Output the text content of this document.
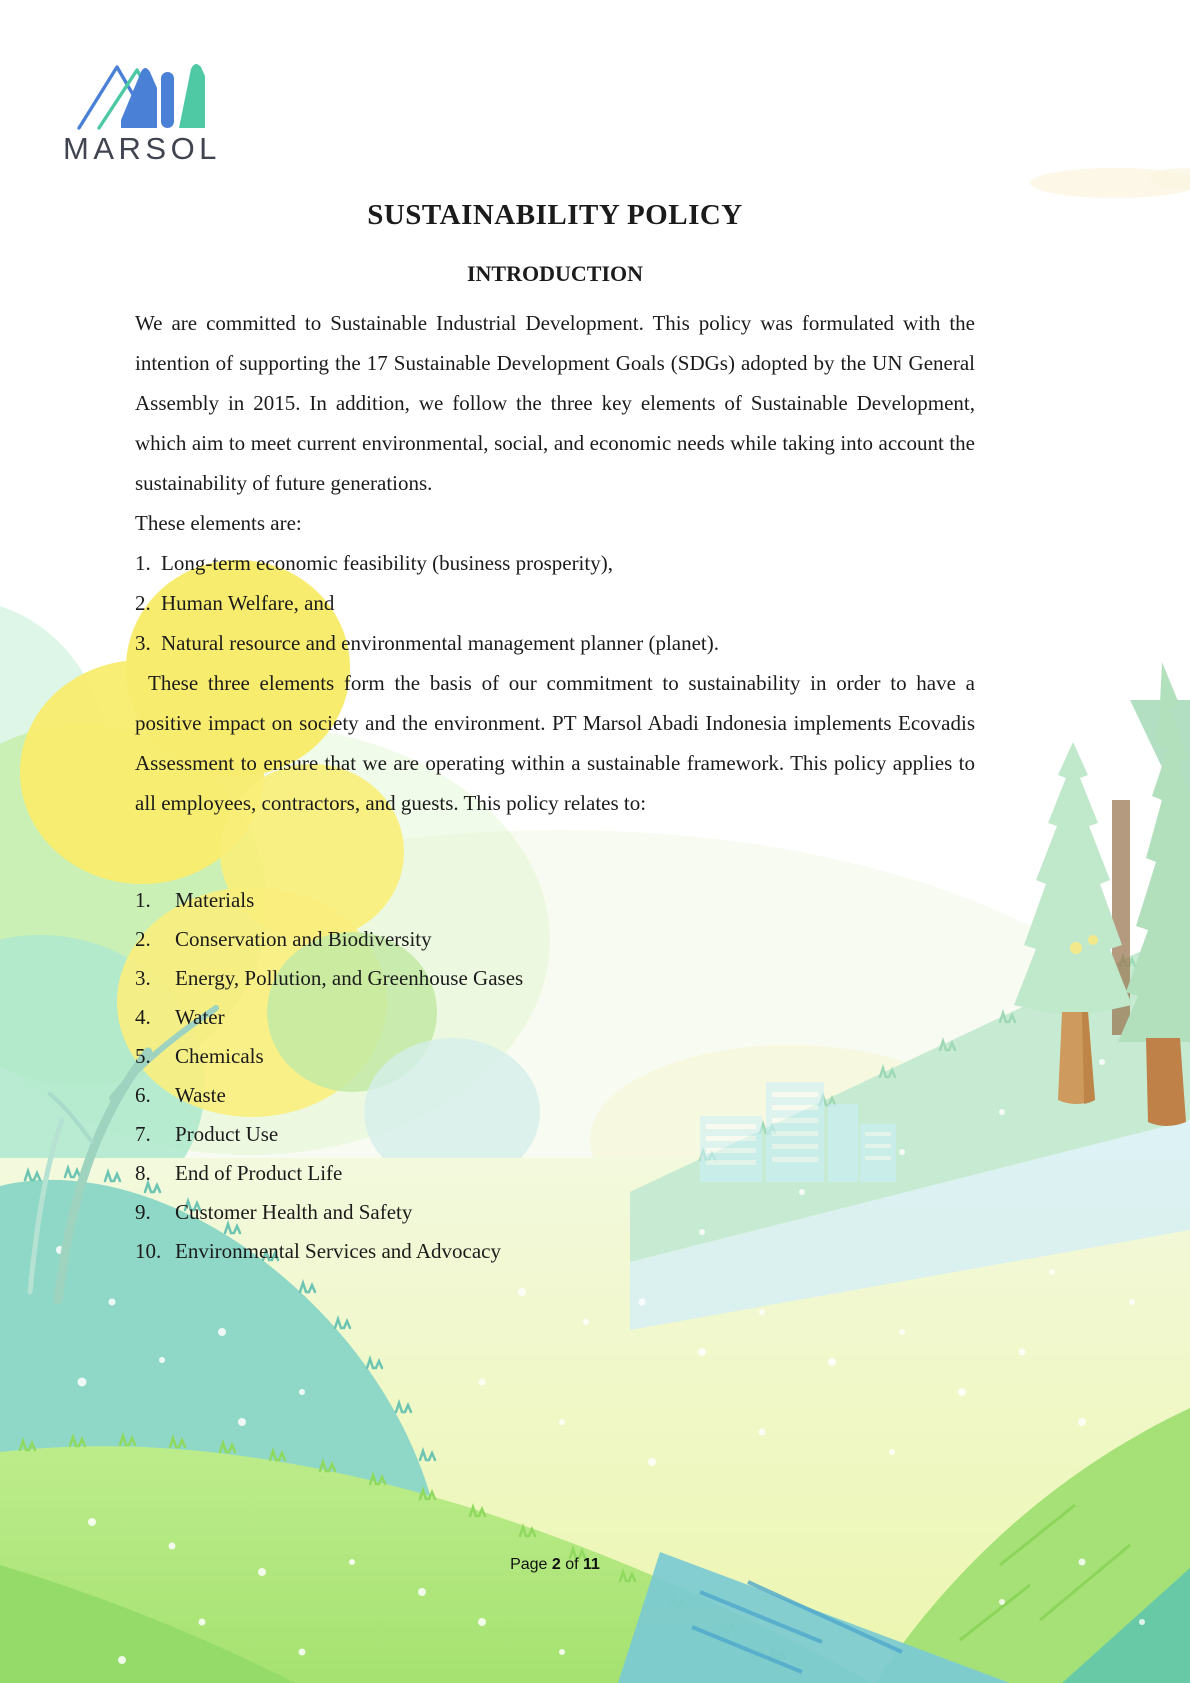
MARSOL
SUSTAINABILITY POLICY
INTRODUCTION

We are committed to Sustainable Industrial Development. This policy was formulated with the intention of supporting the 17 Sustainable Development Goals (SDGs) adopted by the UN General Assembly in 2015. In addition, we follow the three key elements of Sustainable Development, which aim to meet current environmental, social, and economic needs while taking into account the sustainability of future generations.

These elements are:

1. Long-term economic feasibility (business prosperity),
2. Human Welfare, and
3. Natural resource and environmental management planner (planet).

These three elements form the basis of our commitment to sustainability in order to have a positive impact on society and the environment. PT Marsol Abadi Indonesia implements Ecovadis Assessment to ensure that we are operating within a sustainable framework. This policy applies to all employees, contractors, and guests. This policy relates to:

1.	Materials
2.	Conservation and Biodiversity
3.	Energy, Pollution, and Greenhouse Gases
4.	Water
5.	Chemicals
6.	Waste
7.	Product Use
8.	End of Product Life
9.	Customer Health and Safety
10. Environmental Services and Advocacy
Page 2 of 11
